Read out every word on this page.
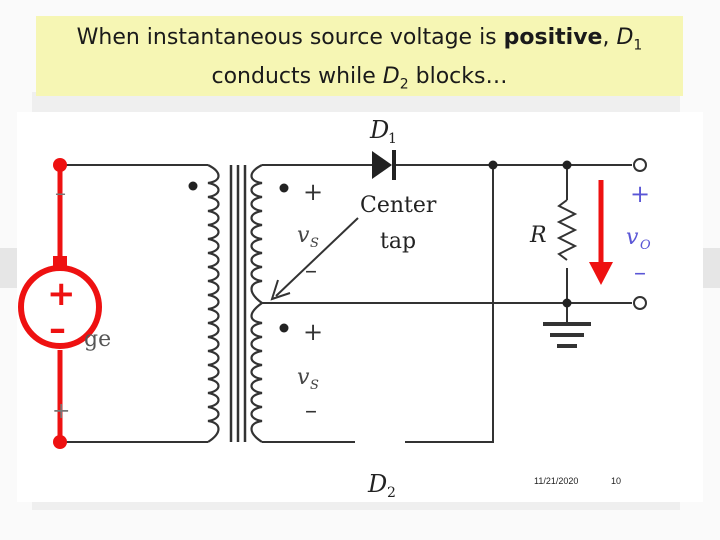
When instantaneous source voltage is positive, $D_1$
conducts while $D_2$ blocks…
D
1
D 2
Center
tap	R
v S
v S
+
–
+
–
+
v O
–
–
+
ge
+
–
11/21/2020	10
